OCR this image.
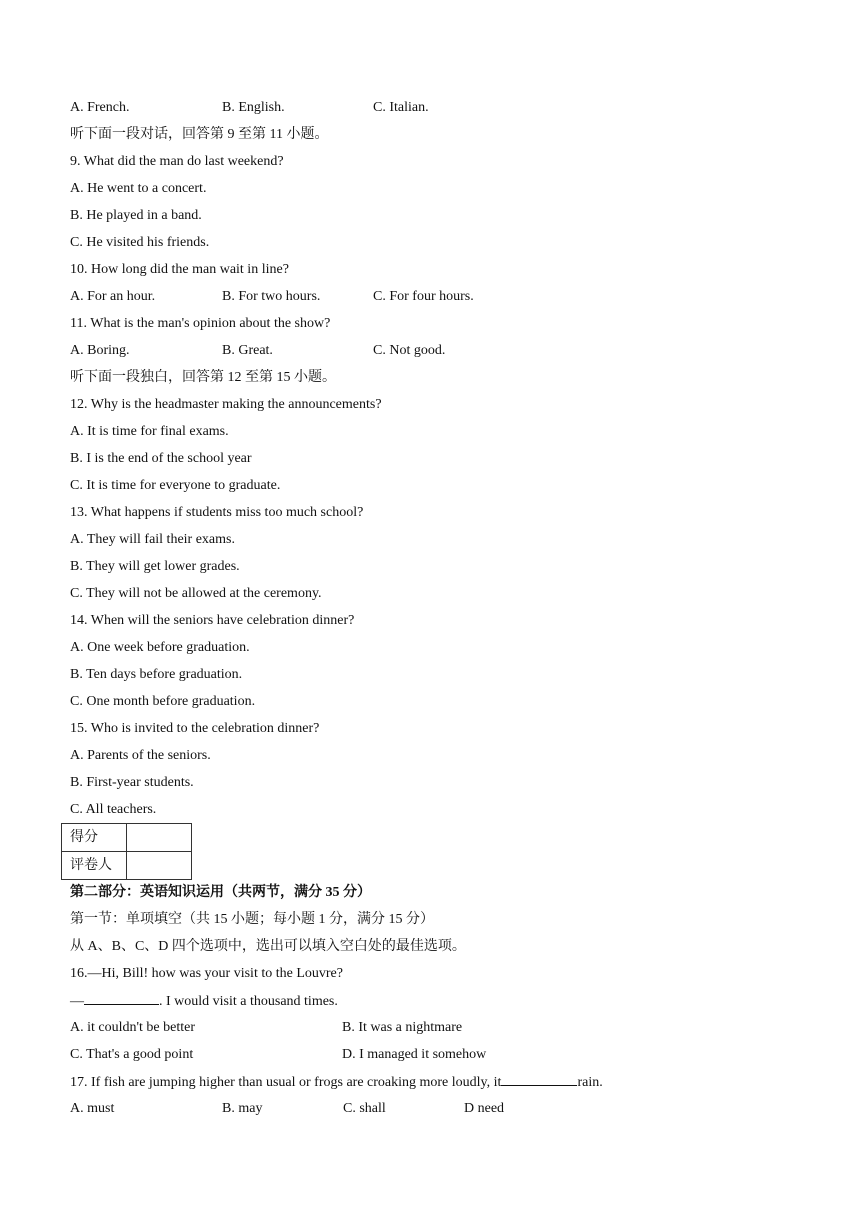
A. French.	B. English.	C. Italian.
听下面一段对话，回答第 9 至第 11 小题。
9. What did the man do last weekend?
A. He went to a concert.
B. He played in a band.
C. He visited his friends.
10. How long did the man wait in line?
A. For an hour.	B. For two hours.	C. For four hours.
11. What is the man's opinion about the show?
A. Boring.	B. Great.	C. Not good.
听下面一段独白，回答第 12 至第 15 小题。
12. Why is the headmaster making the announcements?
A. It is time for final exams.
B. I is the end of the school year
C. It is time for everyone to graduate.
13. What happens if students miss too much school?
A. They will fail their exams.
B. They will get lower grades.
C. They will not be allowed at the ceremony.
14. When will the seniors have celebration dinner?
A. One week before graduation.
B. Ten days before graduation.
C. One month before graduation.
15. Who is invited to the celebration dinner?
A. Parents of the seniors.
B. First-year students.
C. All teachers.
得分	
评卷人	
第二部分：英语知识运用（共两节，满分 35 分）
第一节：单项填空（共 15 小题；每小题 1 分，满分 15 分）
从 A、B、C、D 四个选项中，选出可以填入空白处的最佳选项。
16.—Hi, Bill! how was your visit to the Louvre?
—	. I would visit a thousand times.
A. it couldn't be better	B. It was a nightmare
C. That's a good point	D. I managed it somehow
17. If fish are jumping higher than usual or frogs are croaking more loudly, it	rain.
A. must	B. may	C. shall	D need
